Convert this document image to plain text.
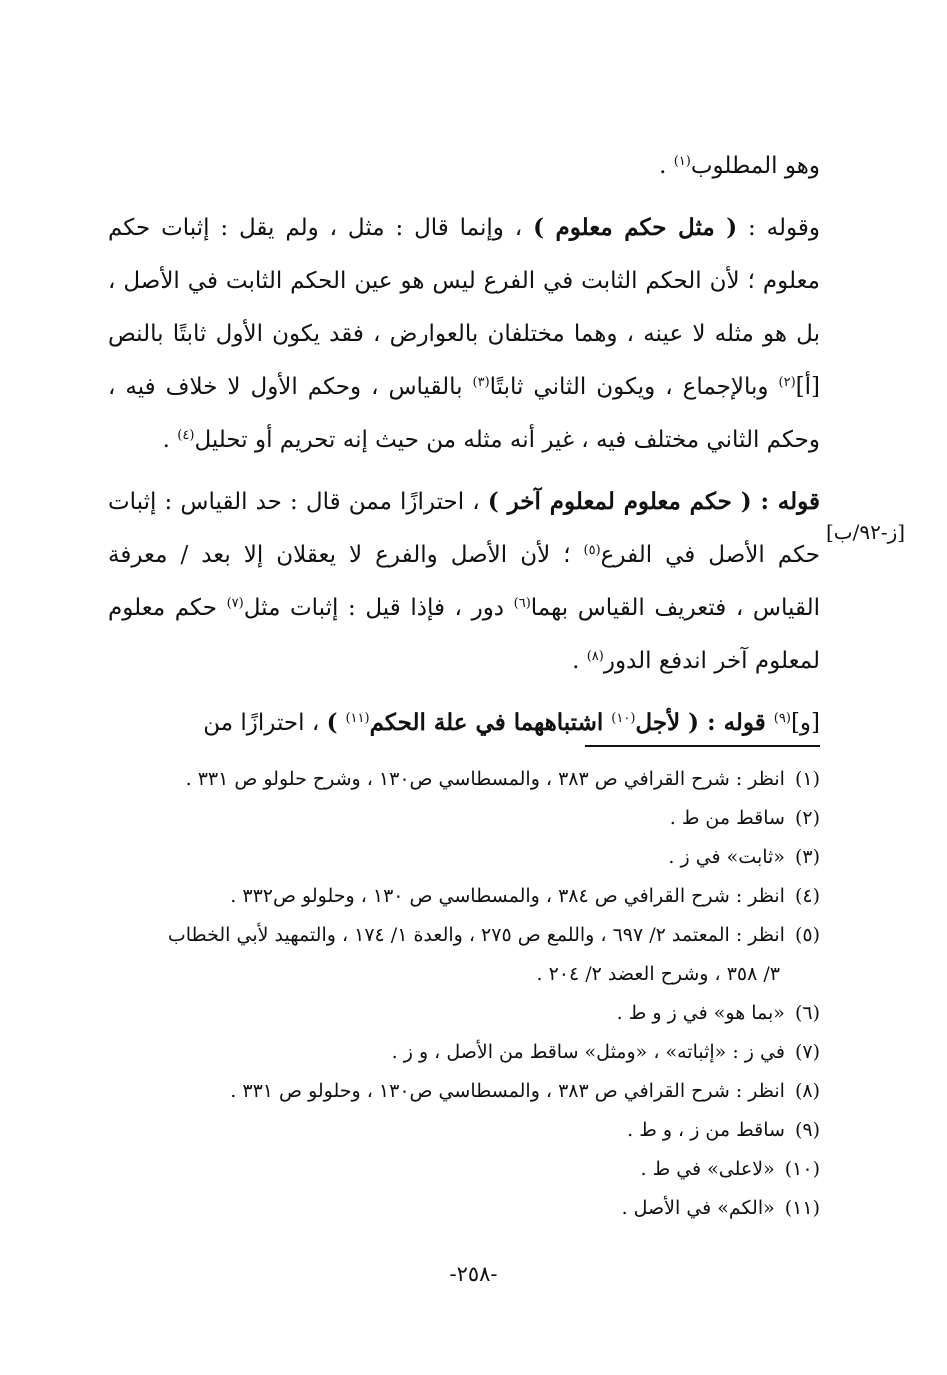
وهو المطلوب$^{(١)}$ .

وقوله : ( مثل حكم معلوم ) ، وإنما قال : مثل ، ولم يقل : إثبات حكم معلوم ؛ لأن الحكم الثابت في الفرع ليس هو عين الحكم الثابت في الأصل ، بل هو مثله لا عينه ، وهما مختلفان بالعوارض ، فقد يكون الأول ثابتًا بالنص [أ]$^{(٢)}$ وبالإجماع ، ويكون الثاني ثابتًا$^{(٣)}$ بالقياس ، وحكم الأول لا خلاف فيه ، وحكم الثاني مختلف فيه ، غير أنه مثله من حيث إنه تحريم أو تحليل$^{(٤)}$ .

قوله : ( حكم معلوم لمعلوم آخر ) ، احترازًا ممن قال : حد القياس : إثبات حكم الأصل في الفرع$^{(٥)}$ ؛ لأن الأصل والفرع لا يعقلان إلا بعد / معرفة القياس ، فتعريف القياس بهما$^{(٦)}$ دور ، فإذا قيل : إثبات مثل$^{(٧)}$ حكم معلوم لمعلوم آخر اندفع الدور$^{(٨)}$ .

[و]$^{(٩)}$ قوله : ( لأجل$^{(١٠)}$ اشتباههما في علة الحكم$^{(١١)}$ ) ، احترازًا من

[ز-٩٢/ب]

(١)انظر : شرح القرافي ص ٣٨٣ ، والمسطاسي ص١٣٠ ، وشرح حلولو ص ٣٣١ .

(٢)ساقط من ط .

(٣)«ثابت» في ز .

(٤)انظر : شرح القرافي ص ٣٨٤ ، والمسطاسي ص ١٣٠ ، وحلولو ص٣٣٢ .

(٥)انظر : المعتمد ٢/ ٦٩٧ ، واللمع ص ٢٧٥ ، والعدة ١/ ١٧٤ ، والتمهيد لأبي الخطاب
٣/ ٣٥٨ ، وشرح العضد ٢/ ٢٠٤ .

(٦)«بما هو» في ز و ط .

(٧)في ز : «إثباته» ، «ومثل» ساقط من الأصل ، و ز .

(٨)انظر : شرح القرافي ص ٣٨٣ ، والمسطاسي ص١٣٠ ، وحلولو ص ٣٣١ .

(٩)ساقط من ز ، و ط .

(١٠)«لاعلى» في ط .

(١١)«الكم» في الأصل .

-٢٥٨-
